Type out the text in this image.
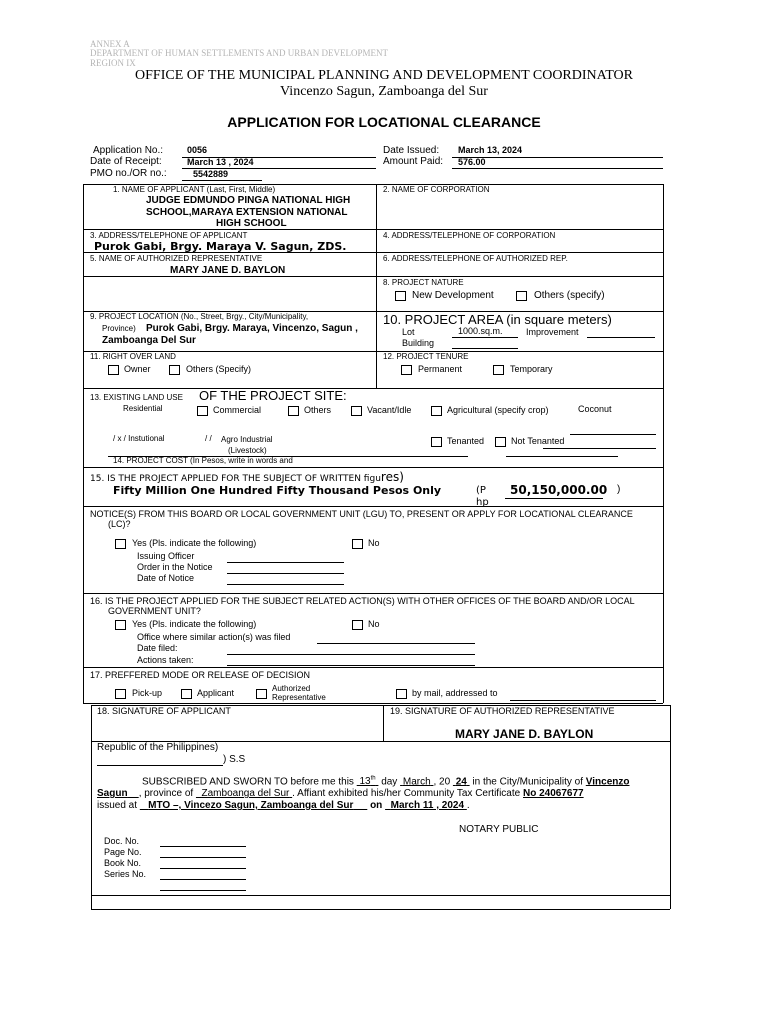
ANNEX A
DEPARTMENT OF HUMAN SETTLEMENTS AND URBAN DEVELOPMENT
REGION IX
OFFICE OF THE MUNICIPAL PLANNING AND DEVELOPMENT COORDINATOR
Vincenzo Sagun, Zamboanga del Sur
APPLICATION FOR LOCATIONAL CLEARANCE
Application No.:	0056
Date of Receipt:	March 13 , 2024
PMO no./OR no.:	5542889
Date Issued: March 13, 2024
Amount Paid: 576.00
1. NAME OF APPLICANT (Last, First, Middle)
JUDGE EDMUNDO PINGA NATIONAL HIGH
SCHOOL,MARAYA EXTENSION NATIONAL
HIGH SCHOOL
2. NAME OF CORPORATION
3. ADDRESS/TELEPHONE OF APPLICANT
Purok Gabi, Brgy. Maraya V. Sagun, ZDS.
4. ADDRESS/TELEPHONE OF CORPORATION
5. NAME OF AUTHORIZED REPRESENTATIVE
MARY JANE D. BAYLON
6. ADDRESS/TELEPHONE OF AUTHORIZED REP.
8. PROJECT NATURE
New Development	Others (specify)
9. PROJECT LOCATION (No., Street, Brgy., City/Municipality,
Province) Purok Gabi, Brgy. Maraya, Vincenzo, Sagun ,
Zamboanga Del Sur
10. PROJECT AREA (in square meters)
Lot	1000.sq.m.	Improvement
Building
11. RIGHT OVER LAND
Owner	Others (Specify)
12. PROJECT TENURE
Permanent	Temporary
13. EXISTING LAND USE OF THE PROJECT SITE:
Residential	Commercial	Others	Vacant/Idle	Agricultural (specify crop)	Coconut
/ x / Instutional	/ / Agro Industrial
(Livestock)
Tenanted	Not Tenanted
14. PROJECT COST (In Pesos, write in words and
15. IS THE PROJECT APPLIED FOR THE SUBJECT OF WRITTEN figures)
Fifty Million One Hundred Fifty Thousand Pesos Only	(P
hp
50,150,000.00 )
NOTICE(S) FROM THIS BOARD OR LOCAL GOVERNMENT UNIT (LGU) TO, PRESENT OR APPLY FOR LOCATIONAL CLEARANCE
(LC)?
Yes (Pls. indicate the following)	No
Issuing Officer
Order in the Notice
Date of Notice
16. IS THE PROJECT APPLIED FOR THE SUBJECT RELATED ACTION(S) WITH OTHER OFFICES OF THE BOARD AND/OR LOCAL
GOVERNMENT UNIT?
Yes (Pls. indicate the following)	No
Office where similar action(s) was filed
Date filed:
Actions taken:
17. PREFFERED MODE OR RELEASE OF DECISION
Pick-up	Applicant	Authorized
Representative	by mail, addressed to
18. SIGNATURE OF APPLICANT	19. SIGNATURE OF AUTHORIZED REPRESENTATIVE
MARY JANE D. BAYLON
Republic of the Philippines)
) S.S
SUBSCRIBED AND SWORN TO before me this 13th day March , 20 24 in the City/Municipality of Vincenzo
Sagun , province of Zamboanga del Sur . Affiant exhibited his/her Community Tax Certificate No 24067677
issued at MTO –, Vincezo Sagun, Zamboanga del Sur on March 11 , 2024 .
NOTARY PUBLIC
Doc. No.
Page No.
Book No.
Series No.
